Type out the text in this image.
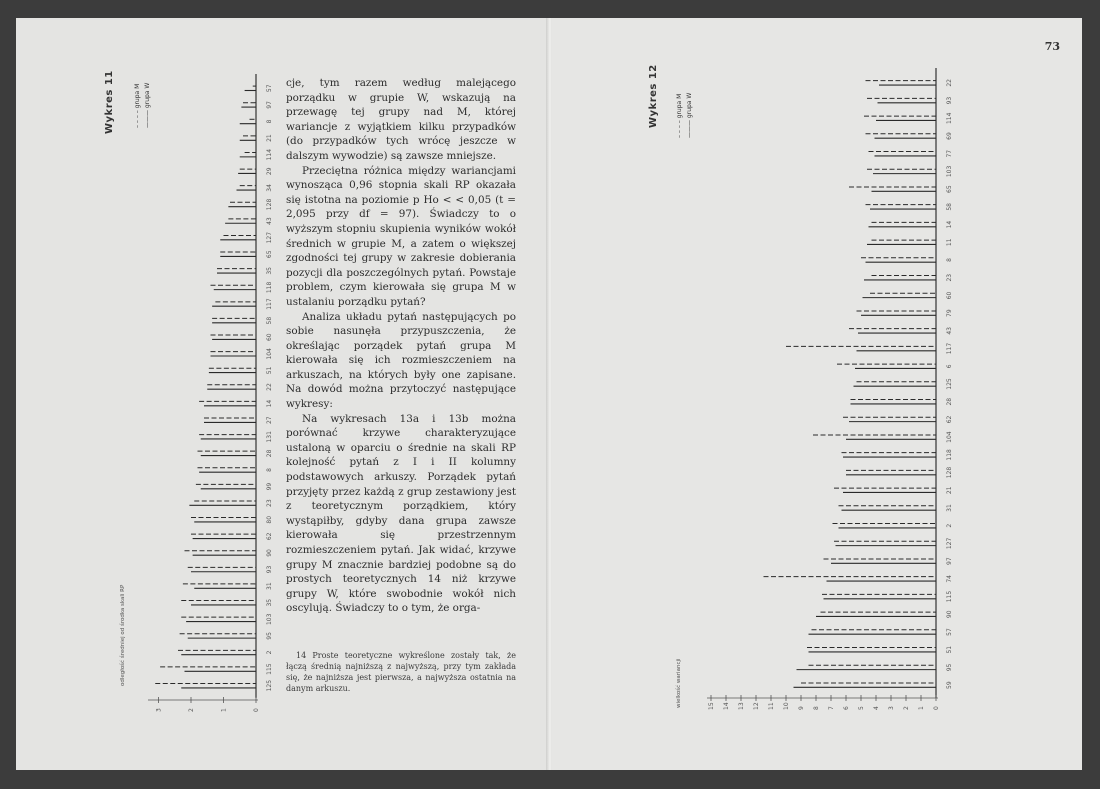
Wykres 11	– – – – grupa M
——— grupa W
odległość średniej od środka skali RP
3	2	1	0
125
115
2
95
103
35
31
93
90
62
80
23
99
8
28
131
27
14
22
51
104
60
58
117
118
35
65
127
43
128
34
29
114
21
8
97
57 cje, tym razem według malejącego porządku w grupie W, wskazują na przewagę tej grupy nad M, której wariancje z wyjątkiem kilku przypadków (do przypadków tych wrócę jeszcze w dalszym wywodzie) są zawsze mniejsze.

Przeciętna różnica między wariancjami wynosząca 0,96 stopnia skali RP okazała się istotna na poziomie p Ho < < 0,05 (t = 2,095 przy df = 97). Świadczy to o wyższym stopniu skupienia wyników wokół średnich w grupie M, a zatem o większej zgodności tej grupy w zakresie dobierania pozycji dla poszczególnych pytań. Powstaje problem, czym kierowała się grupa M w ustalaniu porządku pytań?

Analiza układu pytań następujących po sobie nasunęła przypuszczenia, że określając porządek pytań grupa M kierowała się ich rozmieszczeniem na arkuszach, na których były one zapisane. Na dowód można przytoczyć następujące wykresy:

Na wykresach 13a i 13b można porównać krzywe charakteryzujące ustaloną w oparciu o średnie na skali RP kolejność pytań z I i II kolumny podstawowych arkuszy. Porządek pytań przyjęty przez każdą z grup zestawiony jest z teoretycznym porządkiem, który wystąpiłby, gdyby dana grupa zawsze kierowała się przestrzennym rozmieszczeniem pytań. Jak widać, krzywe grupy M znacznie bardziej podobne są do prostych teoretycznych 14 niż krzywe grupy W, które swobodnie wokół nich oscylują. Świadczy to o tym, że orga-

14 Proste teoretyczne wykreślone zostały tak, że łączą średnią najniższą z najwyższą, przy tym zakłada się, że najniższa jest pierwsza, a najwyższa ostatnia na danym arkuszu.

73
Wykres 12
– – – – grupa M
——— grupa W
wielkość wariancji	15 14 13 12 11 10 9 8 7 6 5 4 3 2 1 0
59
95
51
57
90
115
74
97
127
2
31
21
128
118
104
62
28
125
6
117
43
79
60
23
8
11
14
58
65
103
77
69
114
93
22
